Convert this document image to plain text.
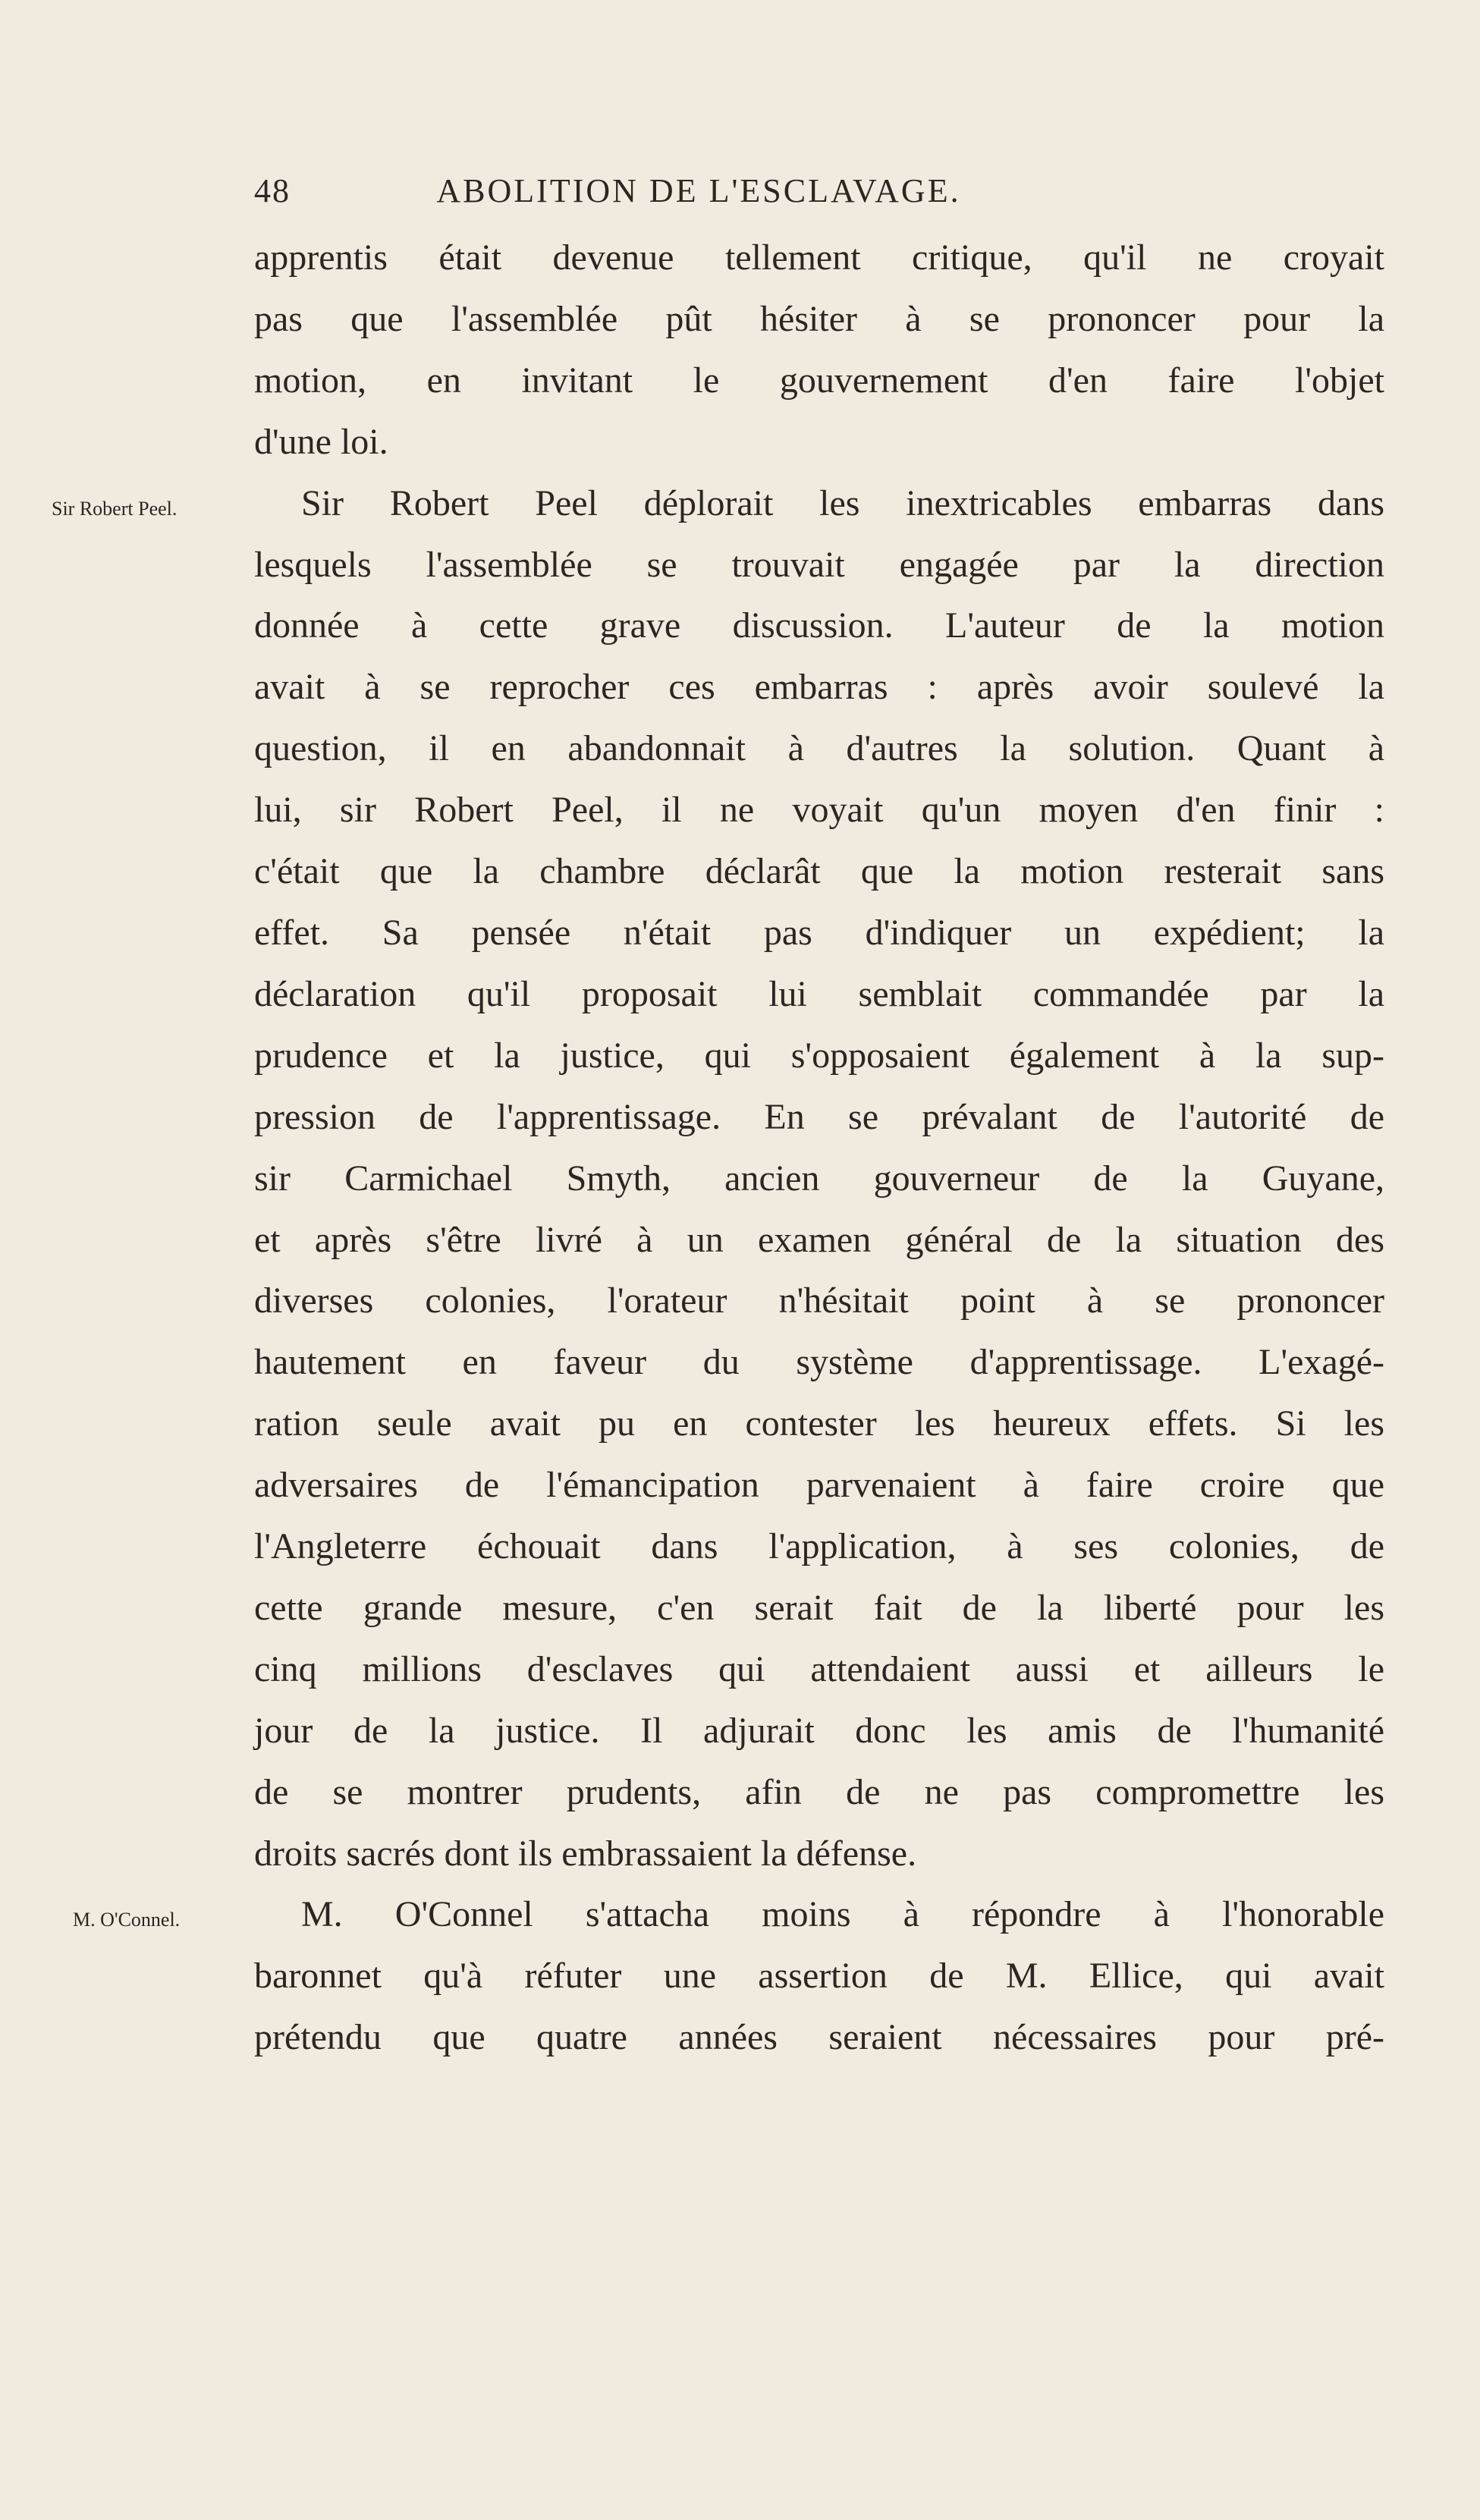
48	ABOLITION DE L'ESCLAVAGE.
Sir Robert Peel.
M. O'Connel.

apprentis était devenue tellement critique, qu'il ne croyait
pas que l'assemblée pût hésiter à se prononcer pour la
motion, en invitant le gouvernement d'en faire l'objet
d'une loi.

Sir Robert Peel déplorait les inextricables embarras dans
lesquels l'assemblée se trouvait engagée par la direction
donnée à cette grave discussion. L'auteur de la motion
avait à se reprocher ces embarras : après avoir soulevé la
question, il en abandonnait à d'autres la solution. Quant à
lui, sir Robert Peel, il ne voyait qu'un moyen d'en finir :
c'était que la chambre déclarât que la motion resterait sans
effet. Sa pensée n'était pas d'indiquer un expédient; la
déclaration qu'il proposait lui semblait commandée par la
prudence et la justice, qui s'opposaient également à la sup-
pression de l'apprentissage. En se prévalant de l'autorité de
sir Carmichael Smyth, ancien gouverneur de la Guyane,
et après s'être livré à un examen général de la situation des
diverses colonies, l'orateur n'hésitait point à se prononcer
hautement en faveur du système d'apprentissage. L'exagé-
ration seule avait pu en contester les heureux effets. Si les
adversaires de l'émancipation parvenaient à faire croire que
l'Angleterre échouait dans l'application, à ses colonies, de
cette grande mesure, c'en serait fait de la liberté pour les
cinq millions d'esclaves qui attendaient aussi et ailleurs le
jour de la justice. Il adjurait donc les amis de l'humanité
de se montrer prudents, afin de ne pas compromettre les
droits sacrés dont ils embrassaient la défense.

M. O'Connel s'attacha moins à répondre à l'honorable
baronnet qu'à réfuter une assertion de M. Ellice, qui avait
prétendu que quatre années seraient nécessaires pour pré-
